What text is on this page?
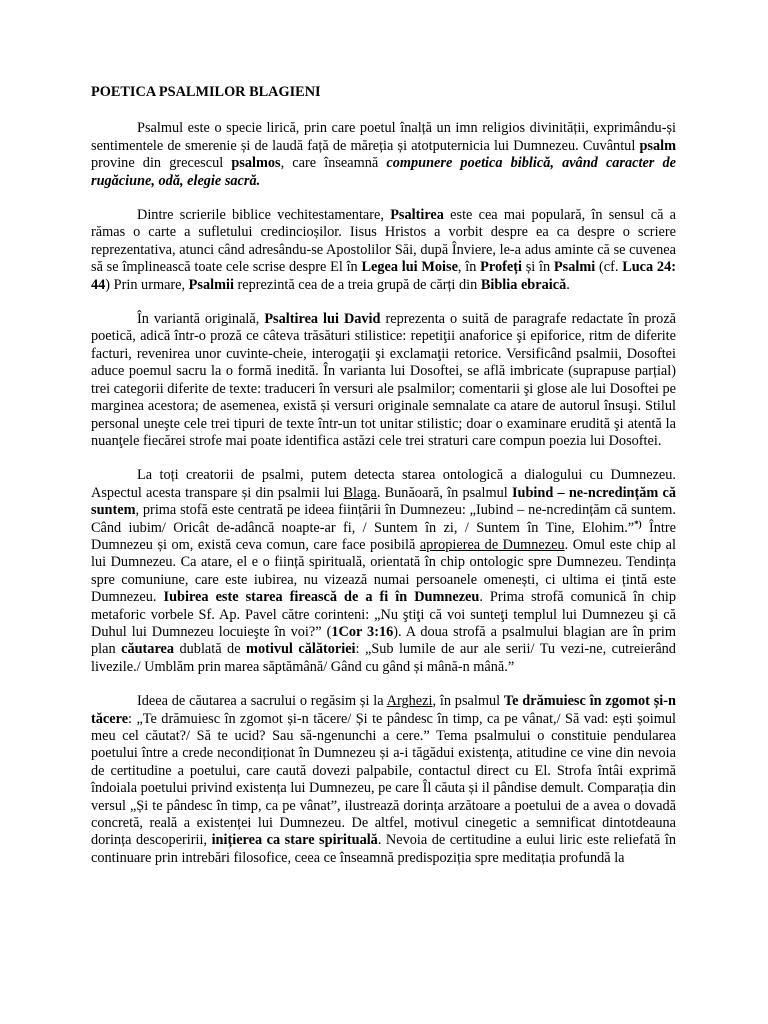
POETICA PSALMILOR BLAGIENI

Psalmul este o specie lirică, prin care poetul înalță un imn religios divinității, exprimându-și sentimentele de smerenie și de laudă față de măreția și atotputernicia lui Dumnezeu. Cuvântul psalm provine din grecescul psalmos, care înseamnă compunere poetica biblică, având caracter de rugăciune, odă, elegie sacră.

Dintre scrierile biblice vechitestamentare, Psaltirea este cea mai populară, în sensul că a rămas o carte a sufletului credincioșilor. Iisus Hristos a vorbit despre ea ca despre o scriere reprezentativa, atunci când adresându-se Apostolilor Săi, după Înviere, le-a adus aminte că se cuvenea să se împlinească toate cele scrise despre El în Legea lui Moise, în Profeți și în Psalmi (cf. Luca 24: 44) Prin urmare, Psalmii reprezintă cea de a treia grupă de cărți din Biblia ebraică.

În variantă originală, Psaltirea lui David reprezenta o suită de paragrafe redactate în proză poetică, adică într-o proză ce câteva trăsături stilistice: repetiţii anaforice şi epiforice, ritm de diferite facturi, revenirea unor cuvinte-cheie, interogaţii şi exclamaţii retorice. Versificând psalmii, Dosoftei aduce poemul sacru la o formă inedită. În varianta lui Dosoftei, se află imbricate (suprapuse parțial) trei categorii diferite de texte: traduceri în versuri ale psalmilor; comentarii şi glose ale lui Dosoftei pe marginea acestora; de asemenea, există și versuri originale semnalate ca atare de autorul însuşi. Stilul personal uneşte cele trei tipuri de texte într-un tot unitar stilistic; doar o examinare erudită şi atentă la nuanţele fiecărei strofe mai poate identifica astăzi cele trei straturi care compun poezia lui Dosoftei.

La toți creatorii de psalmi, putem detecta starea ontologică a dialogului cu Dumnezeu. Aspectul acesta transpare și din psalmii lui Blaga. Bunăoară, în psalmul Iubind – ne-ncredințăm că suntem, prima stofă este centrată pe ideea ființării în Dumnezeu: „Iubind – ne-ncredințăm că suntem. Când iubim/ Oricât de-adâncă noapte-ar fi, / Suntem în zi, / Suntem în Tine, Elohim.”*) Între Dumnezeu și om, există ceva comun, care face posibilă apropierea de Dumnezeu. Omul este chip al lui Dumnezeu. Ca atare, el e o ființă spirituală, orientată în chip ontologic spre Dumnezeu. Tendința spre comuniune, care este iubirea, nu vizează numai persoanele omenești, ci ultima ei țintă este Dumnezeu. Iubirea este starea firească de a fi în Dumnezeu. Prima strofă comunică în chip metaforic vorbele Sf. Ap. Pavel către corinteni: „Nu ştiţi că voi sunteţi templul lui Dumnezeu şi că Duhul lui Dumnezeu locuieşte în voi?” (1Cor 3:16). A doua strofă a psalmului blagian are în prim plan căutarea dublată de motivul călătoriei: „Sub lumile de aur ale serii/ Tu vezi-ne, cutreierând livezile./ Umblăm prin marea săptămână/ Gând cu gând și mână-n mână.”

Ideea de căutarea a sacrului o regăsim și la Arghezi, în psalmul Te drămuiesc în zgomot și-n tăcere: „Te drămuiesc în zgomot și-n tăcere/ Și te pândesc în timp, ca pe vânat,/ Să vad: ești șoimul meu cel căutat?/ Să te ucid? Sau să-ngenunchi a cere.” Tema psalmului o constituie pendularea poetului între a crede necondiționat în Dumnezeu și a-i tăgădui existența, atitudine ce vine din nevoia de certitudine a poetului, care caută dovezi palpabile, contactul direct cu El. Strofa întâi exprimă îndoiala poetului privind existența lui Dumnezeu, pe care Îl căuta și il pândise demult. Comparația din versul „Și te pândesc în timp, ca pe vânat”, ilustrează dorința arzătoare a poetului de a avea o dovadă concretă, reală a existenței lui Dumnezeu. De altfel, motivul cinegetic a semnificat dintotdeauna dorința descoperirii, inițierea ca stare spirituală. Nevoia de certitudine a eului liric este reliefată în continuare prin intrebări filosofice, ceea ce înseamnă predispoziția spre meditația profundă la
